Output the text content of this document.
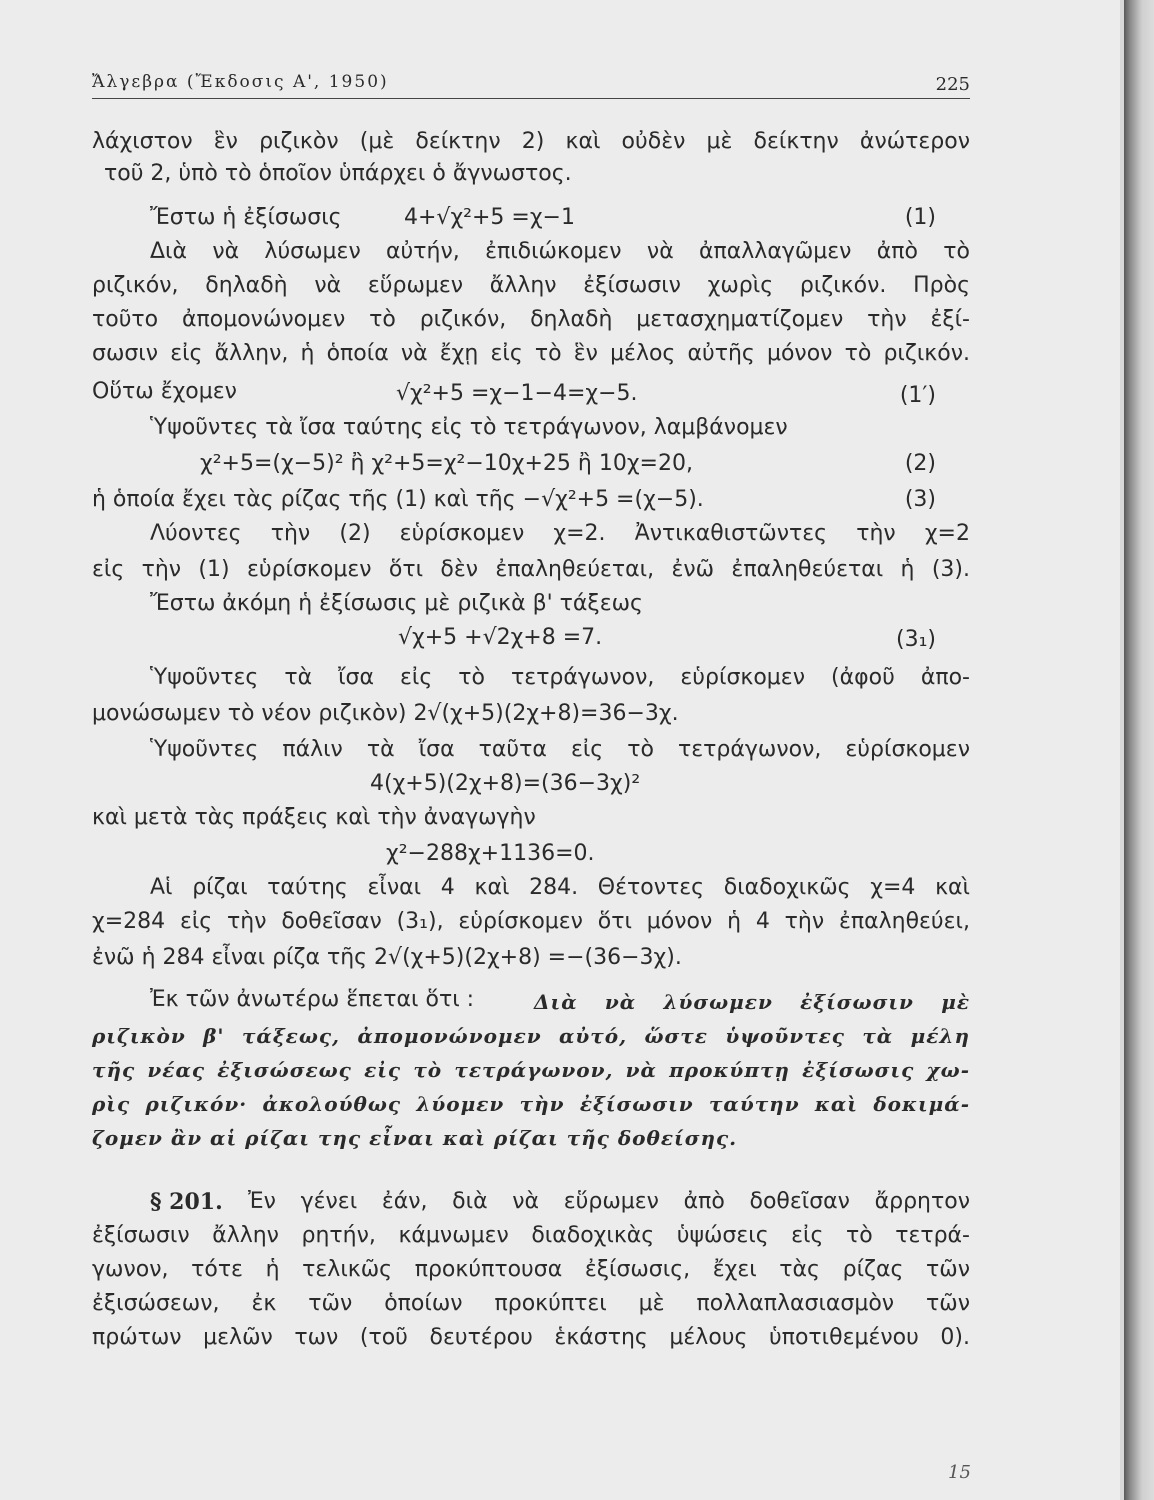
Ἄλγεβρα (Ἔκδοσις Α', 1950)	225
λάχιστον ἓν ριζικὸν (μὲ δείκτην 2) καὶ οὐδὲν μὲ δείκτην ἀνώτερον
τοῦ 2, ὑπὸ τὸ ὁποῖον ὑπάρχει ὁ ἄγνωστος.
Ἔστω ἡ ἐξίσωσις	4+√χ²+5 =χ−1	(1)
Διὰ νὰ λύσωμεν αὐτήν, ἐπιδιώκομεν νὰ ἀπαλλαγῶμεν ἀπὸ τὸ
ριζικόν, δηλαδὴ νὰ εὕρωμεν ἄλλην ἐξίσωσιν χωρὶς ριζικόν. Πρὸς
τοῦτο ἀπομονώνομεν τὸ ριζικόν, δηλαδὴ μετασχηματίζομεν τὴν ἐξί-
σωσιν εἰς ἄλλην, ἡ ὁποία νὰ ἔχῃ εἰς τὸ ἓν μέλος αὐτῆς μόνον τὸ ριζικόν.
Οὕτω ἔχομεν	√χ²+5 =χ−1−4=χ−5.	(1′)
Ὑψοῦντες τὰ ἴσα ταύτης εἰς τὸ τετράγωνον, λαμβάνομεν
χ²+5=(χ−5)² ἢ χ²+5=χ²−10χ+25 ἢ 10χ=20,	(2)
ἡ ὁποία ἔχει τὰς ρίζας τῆς (1) καὶ τῆς −√χ²+5 =(χ−5).	(3)
Λύοντες τὴν (2) εὑρίσκομεν χ=2. Ἀντικαθιστῶντες τὴν χ=2
εἰς τὴν (1) εὑρίσκομεν ὅτι δὲν ἐπαληθεύεται, ἐνῶ ἐπαληθεύεται ἡ (3).
Ἔστω ἀκόμη ἡ ἐξίσωσις μὲ ριζικὰ β' τάξεως
√χ+5 +√2χ+8 =7.	(3₁)
Ὑψοῦντες τὰ ἴσα εἰς τὸ τετράγωνον, εὑρίσκομεν (ἀφοῦ ἀπο-
μονώσωμεν τὸ νέον ριζικὸν) 2√(χ+5)(2χ+8)=36−3χ.
Ὑψοῦντες πάλιν τὰ ἴσα ταῦτα εἰς τὸ τετράγωνον, εὑρίσκομεν
4(χ+5)(2χ+8)=(36−3χ)²
καὶ μετὰ τὰς πράξεις καὶ τὴν ἀναγωγὴν
χ²−288χ+1136=0.
Αἱ ρίζαι ταύτης εἶναι 4 καὶ 284. Θέτοντες διαδοχικῶς χ=4 καὶ
χ=284 εἰς τὴν δοθεῖσαν (3₁), εὑρίσκομεν ὅτι μόνον ἡ 4 τὴν ἐπαληθεύει,
ἐνῶ ἡ 284 εἶναι ρίζα τῆς 2√(χ+5)(2χ+8) =−(36−3χ).
Ἐκ τῶν ἀνωτέρω ἕπεται ὅτι :	Διὰ νὰ λύσωμεν ἐξίσωσιν μὲ
ριζικὸν β' τάξεως, ἀπομονώνομεν αὐτό, ὥστε ὑψοῦντες τὰ μέλη
τῆς νέας ἐξισώσεως εἰς τὸ τετράγωνον, νὰ προκύπτῃ ἐξίσωσις χω-
ρὶς ριζικόν· ἀκολούθως λύομεν τὴν ἐξίσωσιν ταύτην καὶ δοκιμά-
ζομεν ἂν αἱ ρίζαι της εἶναι καὶ ρίζαι τῆς δοθείσης.
§ 201. Ἐν γένει ἐάν, διὰ νὰ εὕρωμεν ἀπὸ δοθεῖσαν ἄρρητον
ἐξίσωσιν ἄλλην ρητήν, κάμνωμεν διαδοχικὰς ὑψώσεις εἰς τὸ τετρά-
γωνον, τότε ἡ τελικῶς προκύπτουσα ἐξίσωσις, ἔχει τὰς ρίζας τῶν
ἐξισώσεων, ἐκ τῶν ὁποίων προκύπτει μὲ πολλαπλασιασμὸν τῶν
πρώτων μελῶν των (τοῦ δευτέρου ἑκάστης μέλους ὑποτιθεμένου 0).
15
